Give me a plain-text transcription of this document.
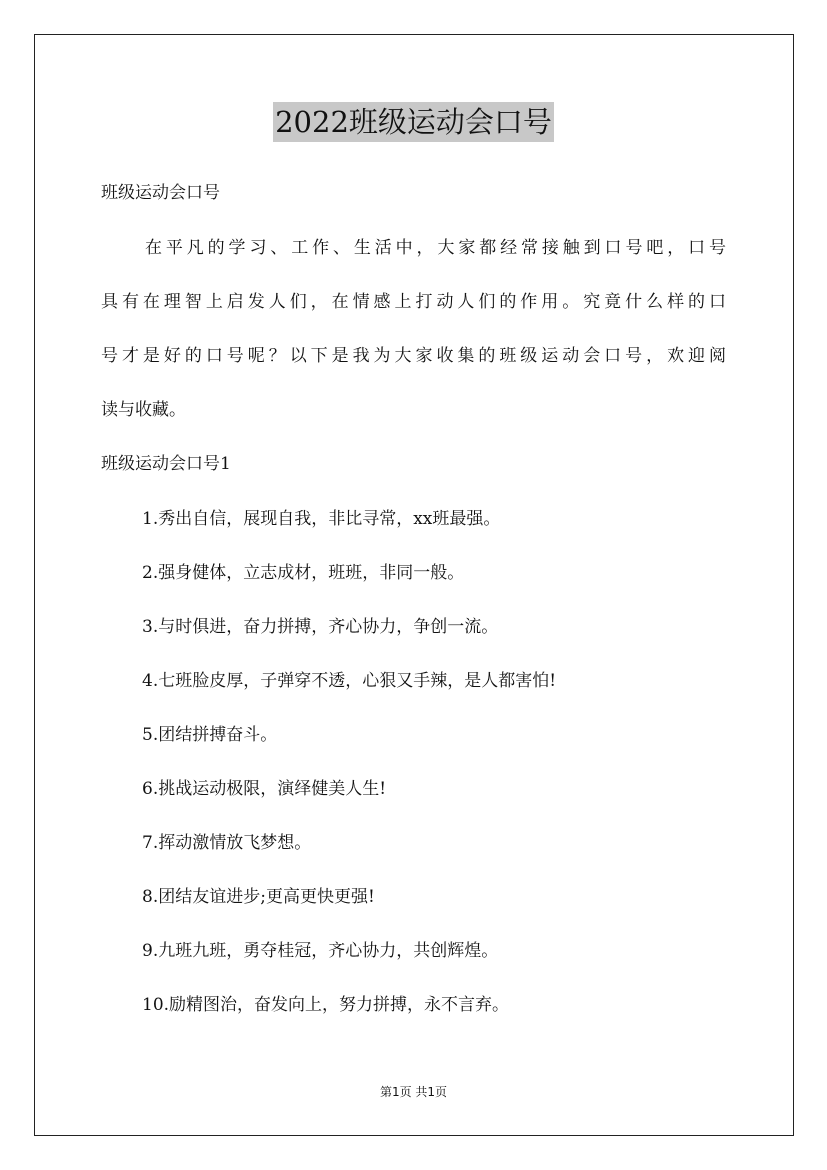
2022班级运动会口号
班级运动会口号
在平凡的学习、工作、生活中，大家都经常接触到口号吧，口号
具有在理智上启发人们，在情感上打动人们的作用。究竟什么样的口
号才是好的口号呢？以下是我为大家收集的班级运动会口号，欢迎阅
读与收藏。
班级运动会口号1
1.秀出自信，展现自我，非比寻常，xx班最强。
2.强身健体，立志成材，班班，非同一般。
3.与时俱进，奋力拼搏，齐心协力，争创一流。
4.七班脸皮厚，子弹穿不透，心狠又手辣，是人都害怕!
5.团结拼搏奋斗。
6.挑战运动极限，演绎健美人生!
7.挥动激情放飞梦想。
8.团结友谊进步;更高更快更强!
9.九班九班，勇夺桂冠，齐心协力，共创辉煌。
10.励精图治，奋发向上，努力拼搏，永不言弃。
第1页 共1页
